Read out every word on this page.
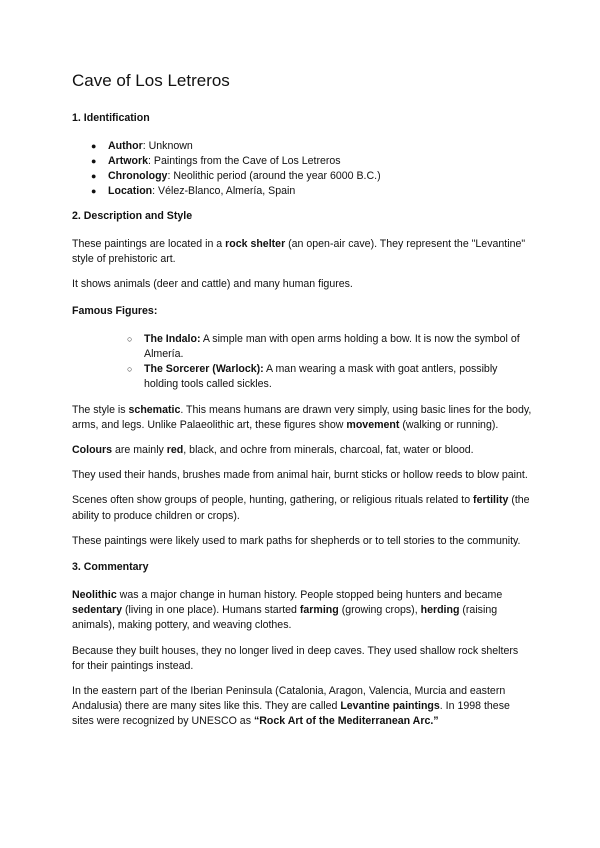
Cave of Los Letreros
1. Identification
● Author: Unknown
● Artwork: Paintings from the Cave of Los Letreros
● Chronology: Neolithic period (around the year 6000 B.C.)
● Location: Vélez-Blanco, Almería, Spain
2. Description and Style

These paintings are located in a rock shelter (an open-air cave). They represent the "Levantine" style of prehistoric art.

It shows animals (deer and cattle) and many human figures.

Famous Figures:
○ The Indalo: A simple man with open arms holding a bow. It is now the symbol of Almería.
○ The Sorcerer (Warlock): A man wearing a mask with goat antlers, possibly holding tools called sickles.

The style is schematic. This means humans are drawn very simply, using basic lines for the body, arms, and legs. Unlike Palaeolithic art, these figures show movement (walking or running).

Colours are mainly red, black, and ochre from minerals, charcoal, fat, water or blood.

They used their hands, brushes made from animal hair, burnt sticks or hollow reeds to blow paint.

Scenes often show groups of people, hunting, gathering, or religious rituals related to fertility (the ability to produce children or crops).

These paintings were likely used to mark paths for shepherds or to tell stories to the community.

3. Commentary

Neolithic was a major change in human history. People stopped being hunters and became sedentary (living in one place). Humans started farming (growing crops), herding (raising animals), making pottery, and weaving clothes.

Because they built houses, they no longer lived in deep caves. They used shallow rock shelters for their paintings instead.

In the eastern part of the Iberian Peninsula (Catalonia, Aragon, Valencia, Murcia and eastern Andalusia) there are many sites like this. They are called Levantine paintings. In 1998 these sites were recognized by UNESCO as “Rock Art of the Mediterranean Arc.”
